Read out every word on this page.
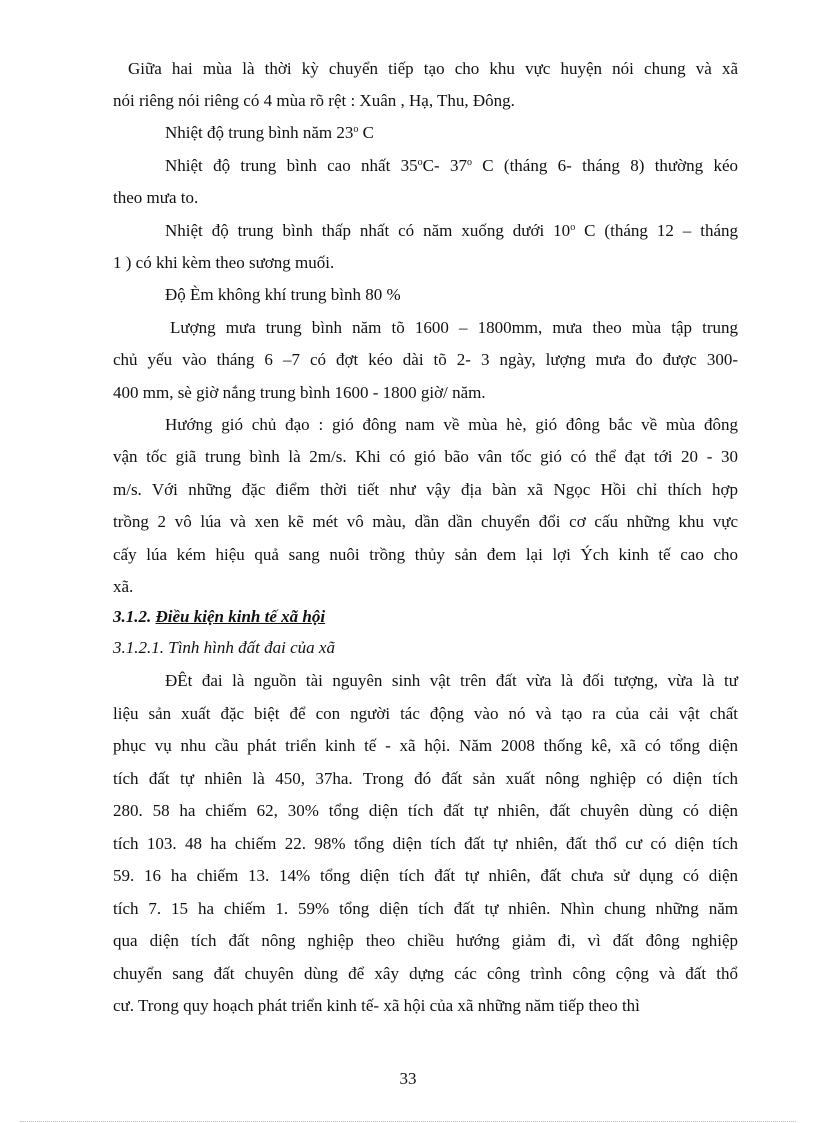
Giữa hai mùa là thời kỳ chuyển tiếp tạo cho khu vực huyện nói chung và xã
nói riêng nói riêng có 4 mùa rõ rệt : Xuân , Hạ, Thu, Đông.
Nhiệt độ trung bình năm 23$^o$ C
Nhiệt độ trung bình cao nhất 35$^o$C- 37$^o$ C (tháng 6- tháng 8) thường kéo
theo mưa to.
Nhiệt độ trung bình thấp nhất có năm xuống dưới 10$^o$ C (tháng 12 – tháng
1 ) có khi kèm theo sương muối.
Độ Èm không khí trung bình 80 %
Lượng mưa trung bình năm tõ 1600 – 1800mm, mưa theo mùa tập trung
chủ yếu vào tháng 6 –7 có đợt kéo dài tõ 2- 3 ngày, lượng mưa đo được 300-
400 mm, sè giờ nắng trung bình 1600 - 1800 giờ/ năm.
Hướng gió chủ đạo : gió đông nam về mùa hè, gió đông bắc về mùa đông
vận tốc giã trung bình là 2m/s. Khi có gió bão vân tốc gió có thể đạt tới 20 - 30
m/s. Với những đặc điểm thời tiết như vậy địa bàn xã Ngọc Hồi chỉ thích hợp
trồng 2 vô lúa và xen kẽ mét vô màu, dần dần chuyển đổi cơ cấu những khu vực
cấy lúa kém hiệu quả sang nuôi trồng thủy sản đem lại lợi Ých kinh tế cao cho
xã.
3.1.2. Điều kiện kinh tế xã hội
3.1.2.1. Tình hình đất đai của xã
ĐÊt đai là nguồn tài nguyên sinh vật trên đất vừa là đối tượng, vừa là tư
liệu sản xuất đặc biệt để con người tác động vào nó và tạo ra của cải vật chất
phục vụ nhu cầu phát triển kinh tế - xã hội. Năm 2008 thống kê, xã có tổng diện
tích đất tự nhiên là 450, 37ha. Trong đó đất sản xuất nông nghiệp có diện tích
280. 58 ha chiếm 62, 30% tổng diện tích đất tự nhiên, đất chuyên dùng có diện
tích 103. 48 ha chiếm 22. 98% tổng diện tích đất tự nhiên, đất thổ cư có diện tích
59. 16 ha chiếm 13. 14% tổng diện tích đất tự nhiên, đất chưa sử dụng có diện
tích 7. 15 ha chiếm 1. 59% tổng diện tích đất tự nhiên. Nhìn chung những năm
qua diện tích đất nông nghiệp theo chiều hướng giảm đi, vì đất đông nghiệp
chuyển sang đất chuyên dùng để xây dựng các công trình công cộng và đất thổ
cư. Trong quy hoạch phát triển kinh tế- xã hội của xã những năm tiếp theo thì
33
